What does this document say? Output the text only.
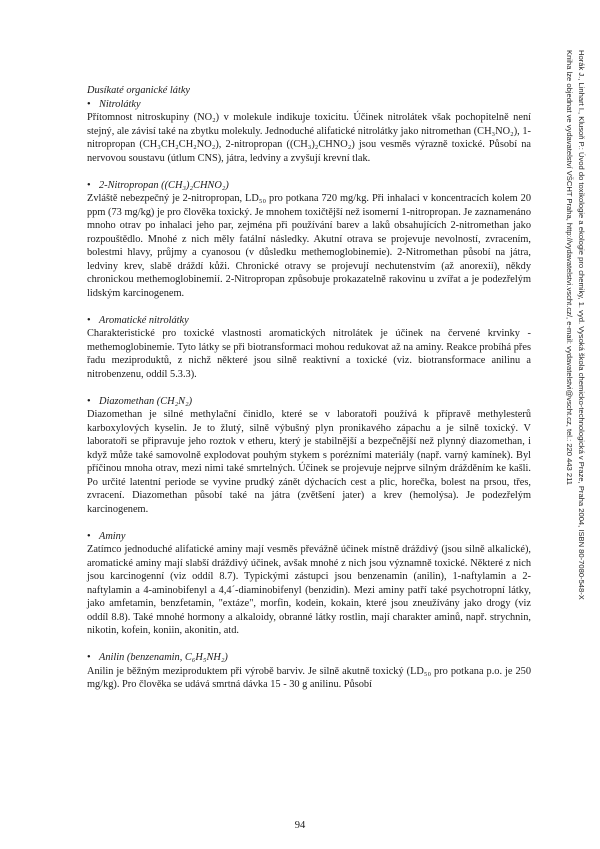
Dusíkaté organické látky

• Nitrolátky

Přítomnost nitroskupiny (NO₂) v molekule indikuje toxicitu. Účinek nitrolátek však pochopitelně není stejný, ale závisí také na zbytku molekuly. Jednoduché alifatické nitrolátky jako nitromethan (CH₃NO₂), 1-nitropropan (CH₃CH₂CH₂NO₂), 2-nitropropan ((CH₃)₂CHNO₂) jsou vesměs výrazně toxické. Působí na nervovou soustavu (útlum CNS), játra, ledviny a zvyšují krevní tlak.

• 2-Nitropropan ((CH₃)₂CHNO₂)

Zvláště nebezpečný je 2-nitropropan, LD₅₀ pro potkana 720 mg/kg. Při inhalaci v koncentracích kolem 20 ppm (73 mg/kg) je pro člověka toxický. Je mnohem toxičtější než isomerní 1-nitropropan. Je zaznamenáno mnoho otrav po inhalaci jeho par, zejména při používání barev a laků obsahujících 2-nitromethan jako rozpouštědlo. Mnohé z nich měly fatální následky. Akutní otrava se projevuje nevolností, zvracením, bolestmi hlavy, průjmy a cyanosou (v důsledku methemoglobinemie). 2-Nitromethan působí na játra, ledviny krev, slabě dráždí kůži. Chronické otravy se projevují nechutenstvím (až anorexií), někdy chronickou methemoglobinemií. 2-Nitropropan způsobuje prokazatelně rakovinu u zvířat a je podezřelým lidským karcinogenem.

• Aromatické nitrolátky

Charakteristické pro toxické vlastnosti aromatických nitrolátek je účinek na červené krvinky - methemoglobinemie. Tyto látky se při biotransformaci mohou redukovat až na aminy. Reakce probíhá přes řadu meziproduktů, z nichž některé jsou silně reaktivní a toxické (viz. biotransformace anilinu a nitrobenzenu, oddíl 5.3.3).

• Diazomethan (CH₂N₂)

Diazomethan je silné methylační činidlo, které se v laboratoři používá k přípravě methylesterů karboxylových kyselin. Je to žlutý, silně výbušný plyn pronikavého zápachu a je silně toxický. V laboratoři se připravuje jeho roztok v etheru, který je stabilnější a bezpečnější než plynný diazomethan, i když může také samovolně explodovat pouhým stykem s porézními materiály (např. varný kamínek). Byl příčinou mnoha otrav, mezi nimi také smrtelných. Účinek se projevuje nejprve silným drážděním ke kašli. Po určité latentní periode se vyvine prudký zánět dýchacích cest a plic, horečka, bolest na prsou, třes, zvracení. Diazomethan působí také na játra (zvětšení jater) a krev (hemolýsa). Je podezřelým karcinogenem.

• Aminy

Zatímco jednoduché alifatické aminy mají vesměs převážně účinek místně dráždivý (jsou silně alkalické), aromatické aminy mají slabší dráždivý účinek, avšak mnohé z nich jsou významně toxické. Některé z nich jsou karcinogenní (viz oddíl 8.7). Typickými zástupci jsou benzenamin (anilin), 1-naftylamin a 2-naftylamin a 4-aminobifenyl a 4,4´-diaminobifenyl (benzidin). Mezi aminy patří také psychotropní látky, jako amfetamin, benzfetamin, "extáze", morfin, kodein, kokain, které jsou zneužívány jako drogy (viz oddíl 8.8). Také mnohé hormony a alkaloidy, obranné látky rostlin, mají charakter aminů, např. strychnin, nikotin, kofein, koniin, akonitin, atd.

• Anilin (benzenamin, C₆H₅NH₂)

Anilin je běžným meziproduktem při výrobě barviv. Je silně akutně toxický (LD₅₀ pro potkana p.o. je 250 mg/kg). Pro člověka se udává smrtná dávka 15 - 30 g anilinu. Působí

94
Horák J., Linhart I., Klusoň P.: Úvod do toxikologie a ekologie pro chemiky, 1. vyd. Vysoká škola chemicko-technologická v Praze, Praha 2004, ISBN 80-7080-548-X
Kniha lze objednat ve vydavatelství VŠCHT Praha, http://vydavatelstvi.vscht.cz/, e-mail: vydavatelstvi@vscht.cz, tel.: 220 443 211
